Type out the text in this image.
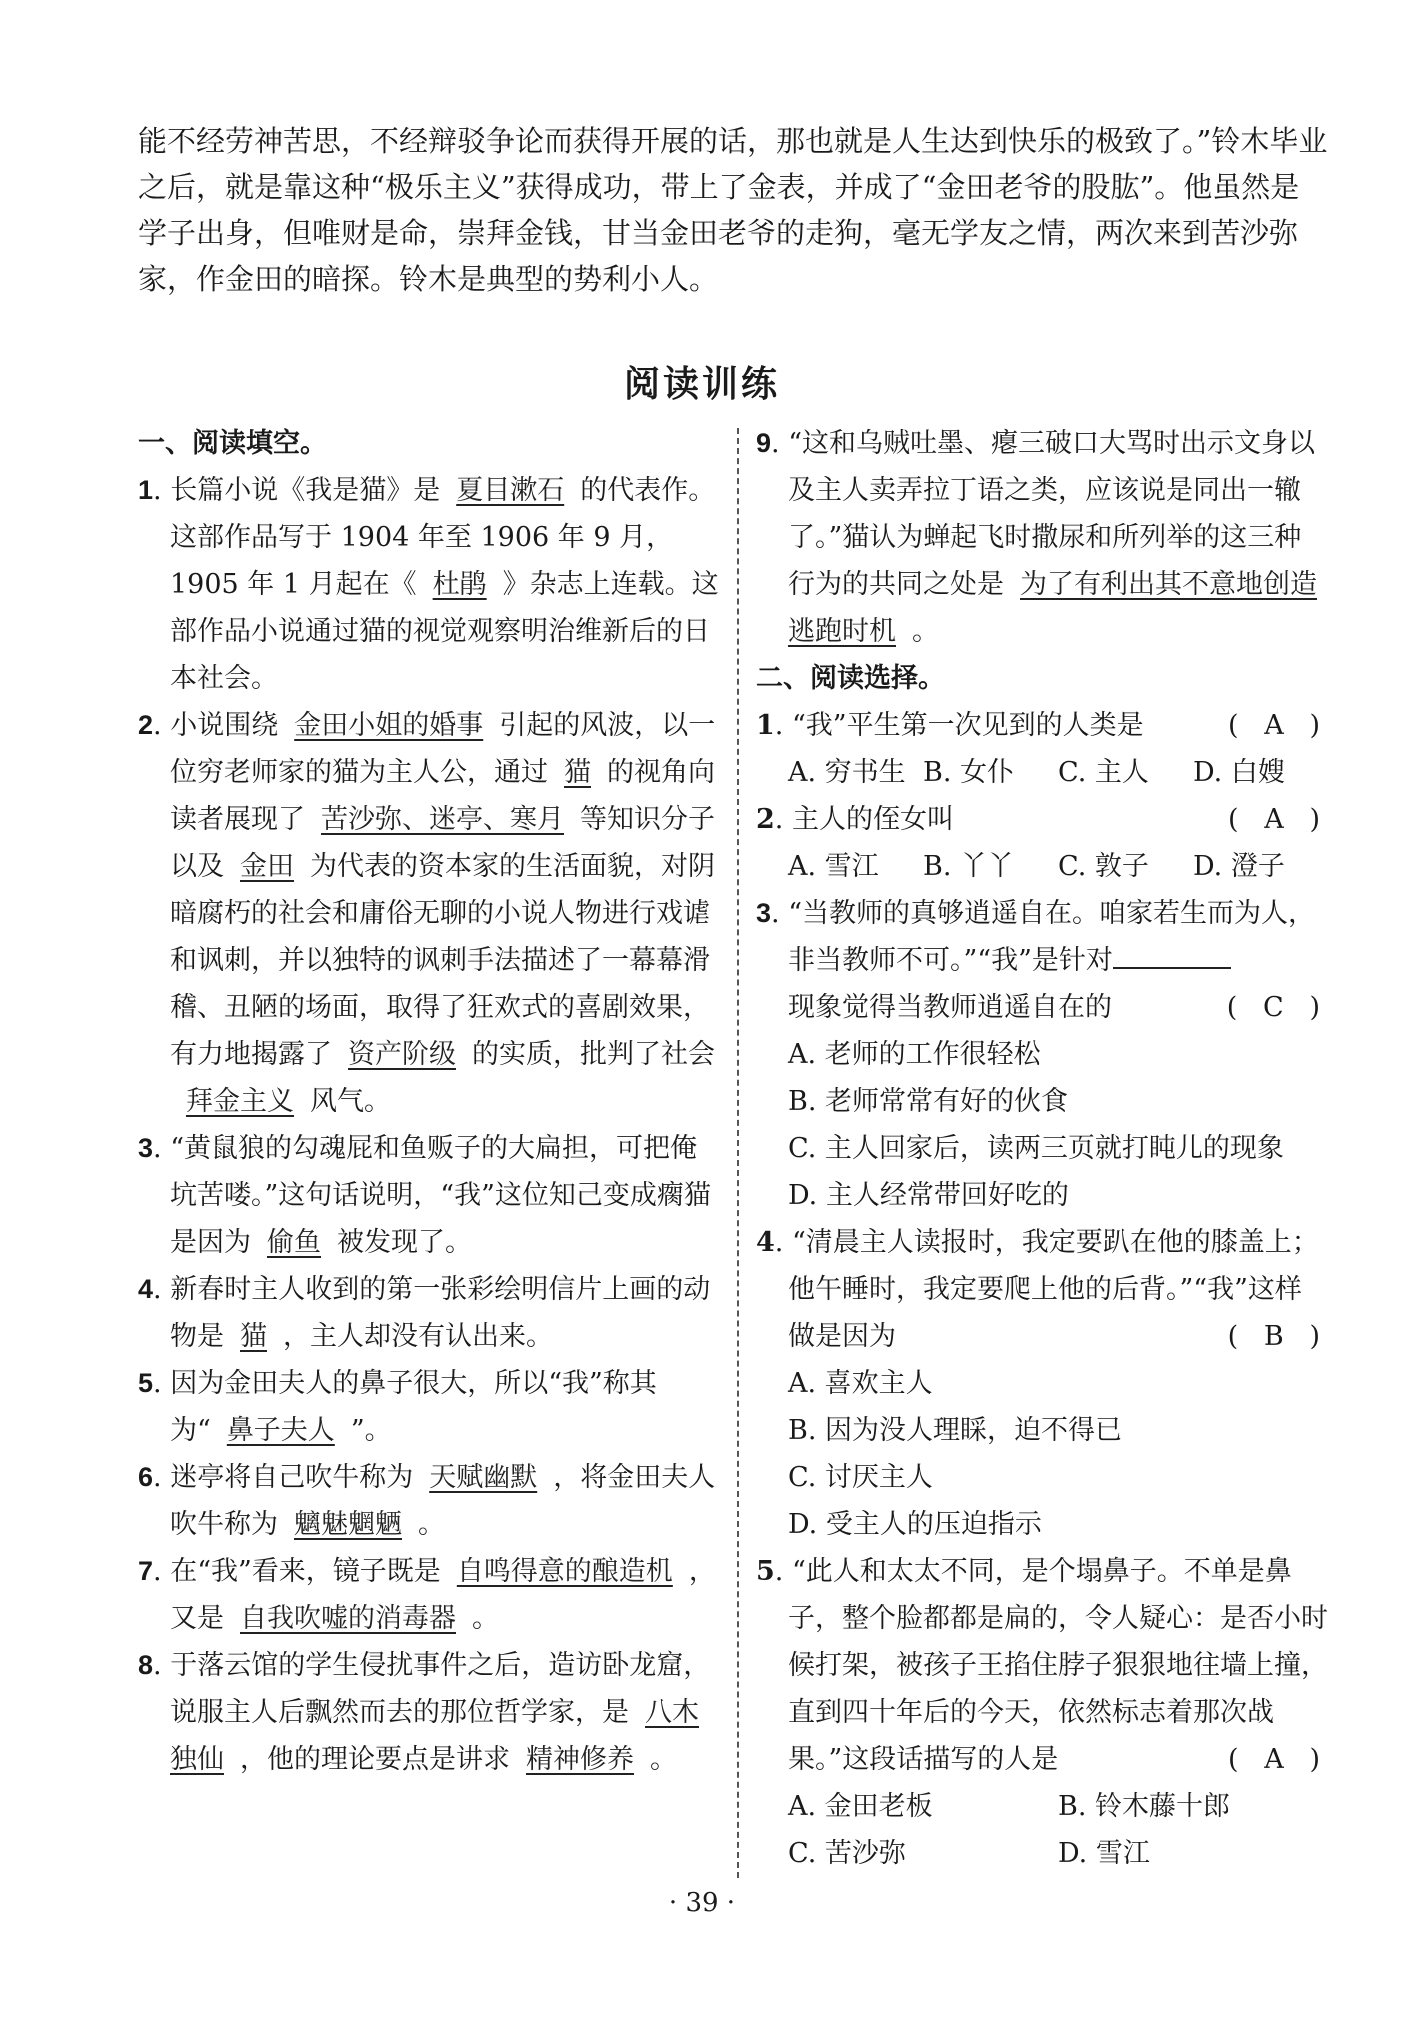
能不经劳神苦思，不经辩驳争论而获得开展的话，那也就是人生达到快乐的极致了。”铃木毕业之后，就是靠这种“极乐主义”获得成功，带上了金表，并成了“金田老爷的股肱”。他虽然是学子出身，但唯财是命，崇拜金钱，甘当金田老爷的走狗，毫无学友之情，两次来到苦沙弥家，作金田的暗探。铃木是典型的势利小人。

阅读训练

一、阅读填空。

1. 长篇小说《我是猫》是 夏目漱石 的代表作。这部作品写于 1904 年至 1906 年 9 月，1905 年 1 月起在《 杜鹃 》杂志上连载。这部作品小说通过猫的视觉观察明治维新后的日本社会。

2. 小说围绕 金田小姐的婚事 引起的风波，以一位穷老师家的猫为主人公，通过 猫 的视角向读者展现了 苦沙弥、迷亭、寒月 等知识分子以及 金田 为代表的资本家的生活面貌，对阴暗腐朽的社会和庸俗无聊的小说人物进行戏谑和讽刺，并以独特的讽刺手法描述了一幕幕滑稽、丑陋的场面，取得了狂欢式的喜剧效果，有力地揭露了 资产阶级 的实质，批判了社会拜金主义 风气。

3. “黄鼠狼的勾魂屁和鱼贩子的大扁担，可把俺坑苦喽。”这句话说明，“我”这位知己变成瘸猫是因为 偷鱼 被发现了。

4. 新春时主人收到的第一张彩绘明信片上画的动物是 猫 ，主人却没有认出来。

5. 因为金田夫人的鼻子很大，所以“我”称其为“ 鼻子夫人 ”。

6. 迷亭将自己吹牛称为 天赋幽默 ，将金田夫人吹牛称为 魑魅魍魉 。

7. 在“我”看来，镜子既是 自鸣得意的酿造机 ，又是 自我吹嘘的消毒器 。

8. 于落云馆的学生侵扰事件之后，造访卧龙窟，说服主人后飘然而去的那位哲学家，是 八木独仙 ，他的理论要点是讲求 精神修养 。

9. “这和乌贼吐墨、瘪三破口大骂时出示文身以及主人卖弄拉丁语之类，应该说是同出一辙了。”猫认为蝉起飞时撒尿和所列举的这三种行为的共同之处是 为了有利出其不意地创造逃跑时机 。

二、阅读选择。

1. “我”平生第一次见到的人类是	(   A   )

A. 穷书生 B. 女仆	C. 主人	D. 白嫂

2. 主人的侄女叫	(   A   )

A. 雪江	B. 丫丫	C. 敦子	D. 澄子

3. “当教师的真够逍遥自在。咱家若生而为人，非当教师不可。”“我”是针对

现象觉得当教师逍遥自在的	(   C   )

A. 老师的工作很轻松

B. 老师常常有好的伙食

C. 主人回家后，读两三页就打盹儿的现象

D. 主人经常带回好吃的

4. “清晨主人读报时，我定要趴在他的膝盖上；他午睡时，我定要爬上他的后背。”“我”这样做是因为	(   B   )

A. 喜欢主人

B. 因为没人理睬，迫不得已

C. 讨厌主人

D. 受主人的压迫指示

5. “此人和太太不同，是个塌鼻子。不单是鼻子，整个脸都都是扁的，令人疑心：是否小时候打架，被孩子王掐住脖子狠狠地往墙上撞，直到四十年后的今天，依然标志着那次战果。”这段话描写的人是	(   A   )

A. 金田老板	B. 铃木藤十郎

C. 苦沙弥	D. 雪江

· 39 ·
